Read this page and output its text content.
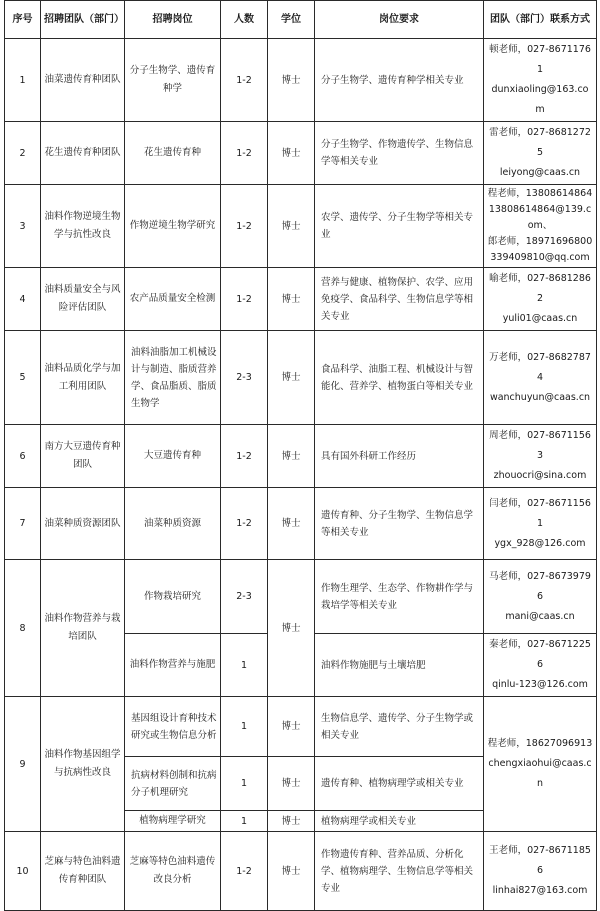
序号	招聘团队（部门）	招聘岗位	人数	学位	岗位要求	团队（部门）联系方式
1	油菜遗传育种团队	分子生物学、遗传育种学	1-2	博士	分子生物学、遗传育种学相关专业	顿老师，027-86711761
dunxiaoling@163.com

2	花生遗传育种团队	花生遗传育种	1-2	博士	分子生物学、作物遗传学、生物信息学等相关专业	雷老师，027-86812725
leiyong@caas.cn

3	油料作物逆境生物学与抗性改良	作物逆境生物学研究	1-2	博士	农学、遗传学、分子生物学等相关专业	程老师，13808614864
13808614864@139.com、
郎老师，18971696800
339409810@qq.com

4	油料质量安全与风险评估团队	农产品质量安全检测	1-2	博士	营养与健康、植物保护、农学、应用免疫学、食品科学、生物信息学等相关专业	喻老师，027-86812862
yuli01@caas.cn

5	油料品质化学与加工利用团队	油料油脂加工机械设计与制造、脂质营养学、食品脂质、脂质生物学	2-3	博士	食品科学、油脂工程、机械设计与智能化、营养学、植物蛋白等相关专业	万老师，027-86827874
wanchuyun@caas.cn

6	南方大豆遗传育种团队	大豆遗传育种	1-2	博士	具有国外科研工作经历	周老师，027-86711563
zhouocri@sina.com

7	油菜种质资源团队	油菜种质资源	1-2	博士	遗传育种、分子生物学、生物信息学等相关专业	闫老师，027-86711561
ygx_928@126.com

8	油料作物营养与栽培团队	作物栽培研究	2-3	博士	作物生理学、生态学、作物耕作学与栽培学等相关专业	马老师，027-86739796
mani@caas.cn

		油料作物营养与施肥	1		油料作物施肥与土壤培肥	秦老师，027-86712256
qinlu-123@126.com

9	油料作物基因组学与抗病性改良	基因组设计育种技术研究或生物信息分析	1	博士	生物信息学、遗传学、分子生物学或相关专业	程老师，18627096913
chengxiaohui@caas.cn

		抗病材料创制和抗病分子机理研究	1	博士	遗传育种、植物病理学或相关专业	
		植物病理学研究	1	博士	植物病理学或相关专业	
10	芝麻与特色油料遗传育种团队	芝麻等特色油料遗传改良分析	1-2	博士	作物遗传育种、营养品质、分析化学、植物病理学、生物信息学等相关专业	王老师，027-86711856
linhai827@163.com
